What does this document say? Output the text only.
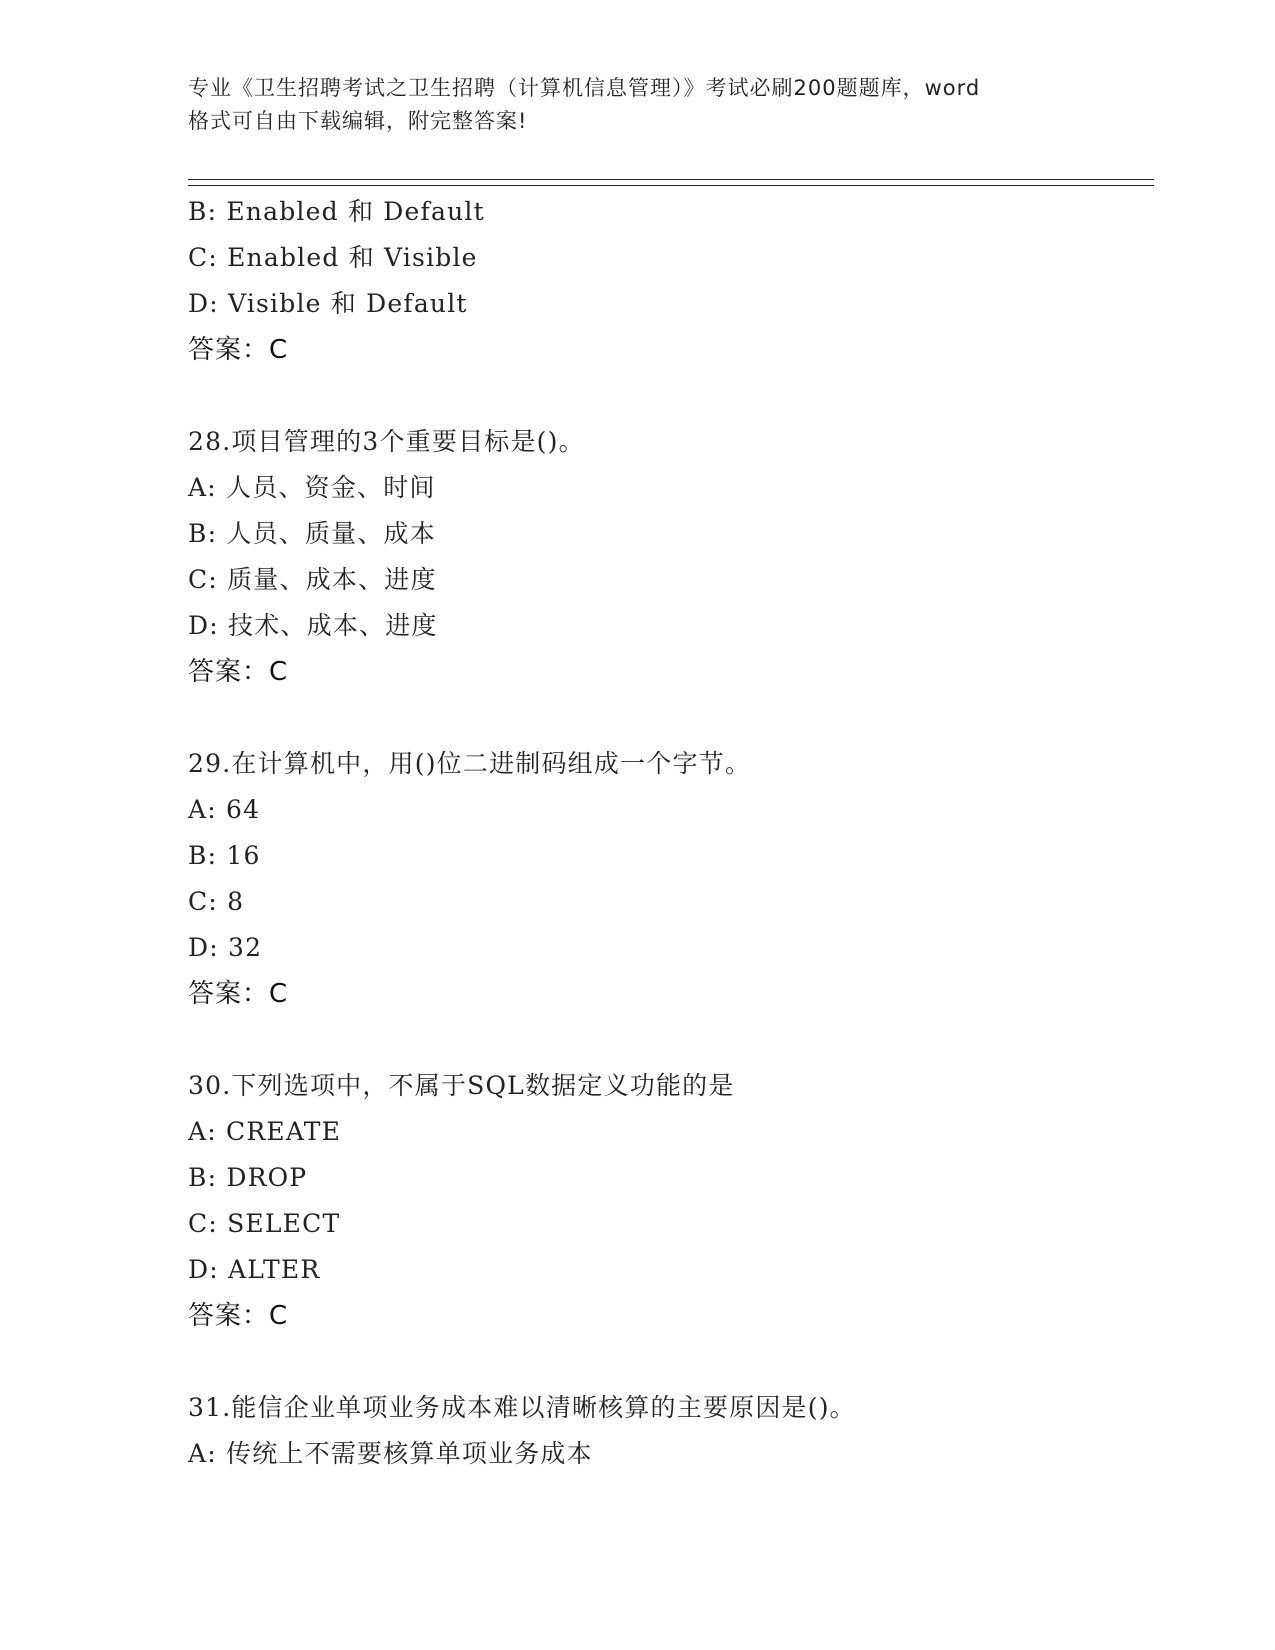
专业《卫生招聘考试之卫生招聘（计算机信息管理）》考试必刷200题题库，word
格式可自由下载编辑，附完整答案!
B: Enabled 和 Default
C: Enabled 和 Visible
D: Visible 和 Default
答案：C
28.项目管理的3个重要目标是()。
A: 人员、资金、时间
B: 人员、质量、成本
C: 质量、成本、进度
D: 技术、成本、进度
答案：C
29.在计算机中，用()位二进制码组成一个字节。
A: 64
B: 16
C: 8
D: 32
答案：C
30.下列选项中，不属于SQL数据定义功能的是
A: CREATE
B: DROP
C: SELECT
D: ALTER
答案：C
31.能信企业单项业务成本难以清晰核算的主要原因是()。
A: 传统上不需要核算单项业务成本
